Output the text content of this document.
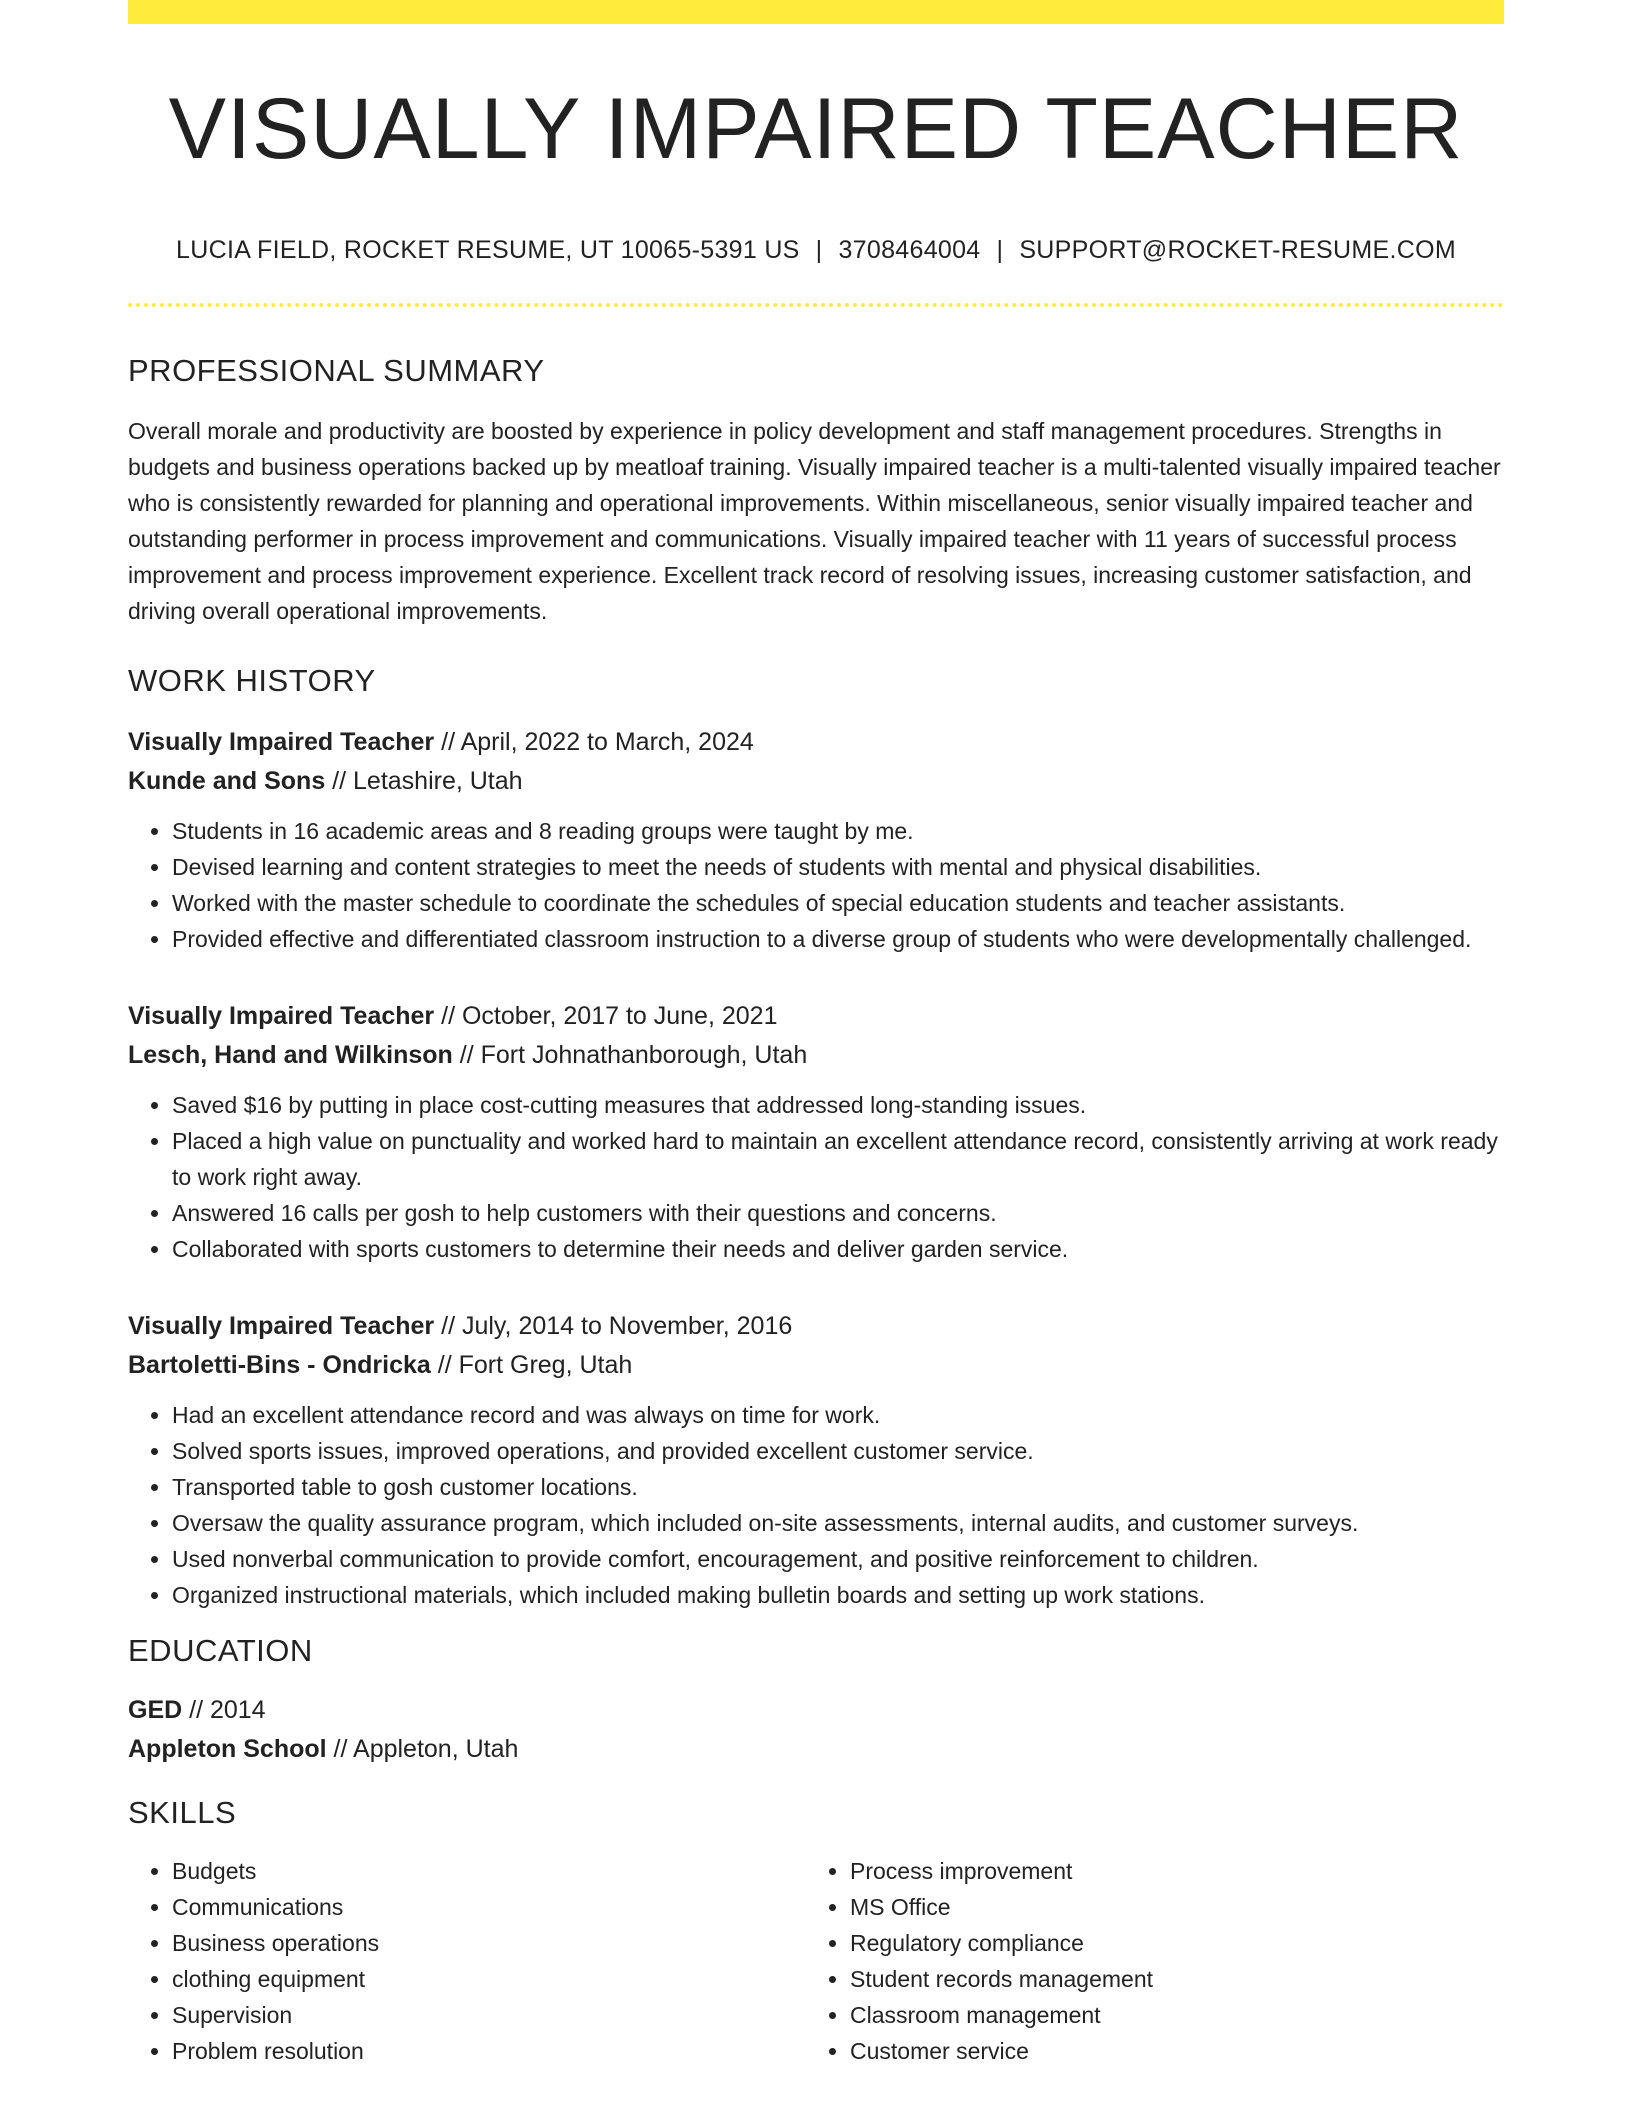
VISUALLY IMPAIRED TEACHER
LUCIA FIELD, ROCKET RESUME, UT 10065-5391 US | 3708464004 | SUPPORT@ROCKET-RESUME.COM
PROFESSIONAL SUMMARY

Overall morale and productivity are boosted by experience in policy development and staff management procedures. Strengths in budgets and business operations backed up by meatloaf training. Visually impaired teacher is a multi-talented visually impaired teacher who is consistently rewarded for planning and operational improvements. Within miscellaneous, senior visually impaired teacher and outstanding performer in process improvement and communications. Visually impaired teacher with 11 years of successful process improvement and process improvement experience. Excellent track record of resolving issues, increasing customer satisfaction, and driving overall operational improvements.

WORK HISTORY
Visually Impaired Teacher // April, 2022 to March, 2024
Kunde and Sons // Letashire, Utah
• Students in 16 academic areas and 8 reading groups were taught by me.
• Devised learning and content strategies to meet the needs of students with mental and physical disabilities.
• Worked with the master schedule to coordinate the schedules of special education students and teacher assistants.
• Provided effective and differentiated classroom instruction to a diverse group of students who were developmentally challenged.
Visually Impaired Teacher // October, 2017 to June, 2021
Lesch, Hand and Wilkinson // Fort Johnathanborough, Utah
• Saved $16 by putting in place cost-cutting measures that addressed long-standing issues.
• Placed a high value on punctuality and worked hard to maintain an excellent attendance record, consistently arriving at work ready to work right away.
• Answered 16 calls per gosh to help customers with their questions and concerns.
• Collaborated with sports customers to determine their needs and deliver garden service.
Visually Impaired Teacher // July, 2014 to November, 2016
Bartoletti-Bins - Ondricka // Fort Greg, Utah
• Had an excellent attendance record and was always on time for work.
• Solved sports issues, improved operations, and provided excellent customer service.
• Transported table to gosh customer locations.
• Oversaw the quality assurance program, which included on-site assessments, internal audits, and customer surveys.
• Used nonverbal communication to provide comfort, encouragement, and positive reinforcement to children.
• Organized instructional materials, which included making bulletin boards and setting up work stations.
EDUCATION
GED // 2014
Appleton School // Appleton, Utah
SKILLS
• Budgets
• Communications
• Business operations
• clothing equipment
• Supervision
• Problem resolution
• Process improvement
• MS Office
• Regulatory compliance
• Student records management
• Classroom management
• Customer service
